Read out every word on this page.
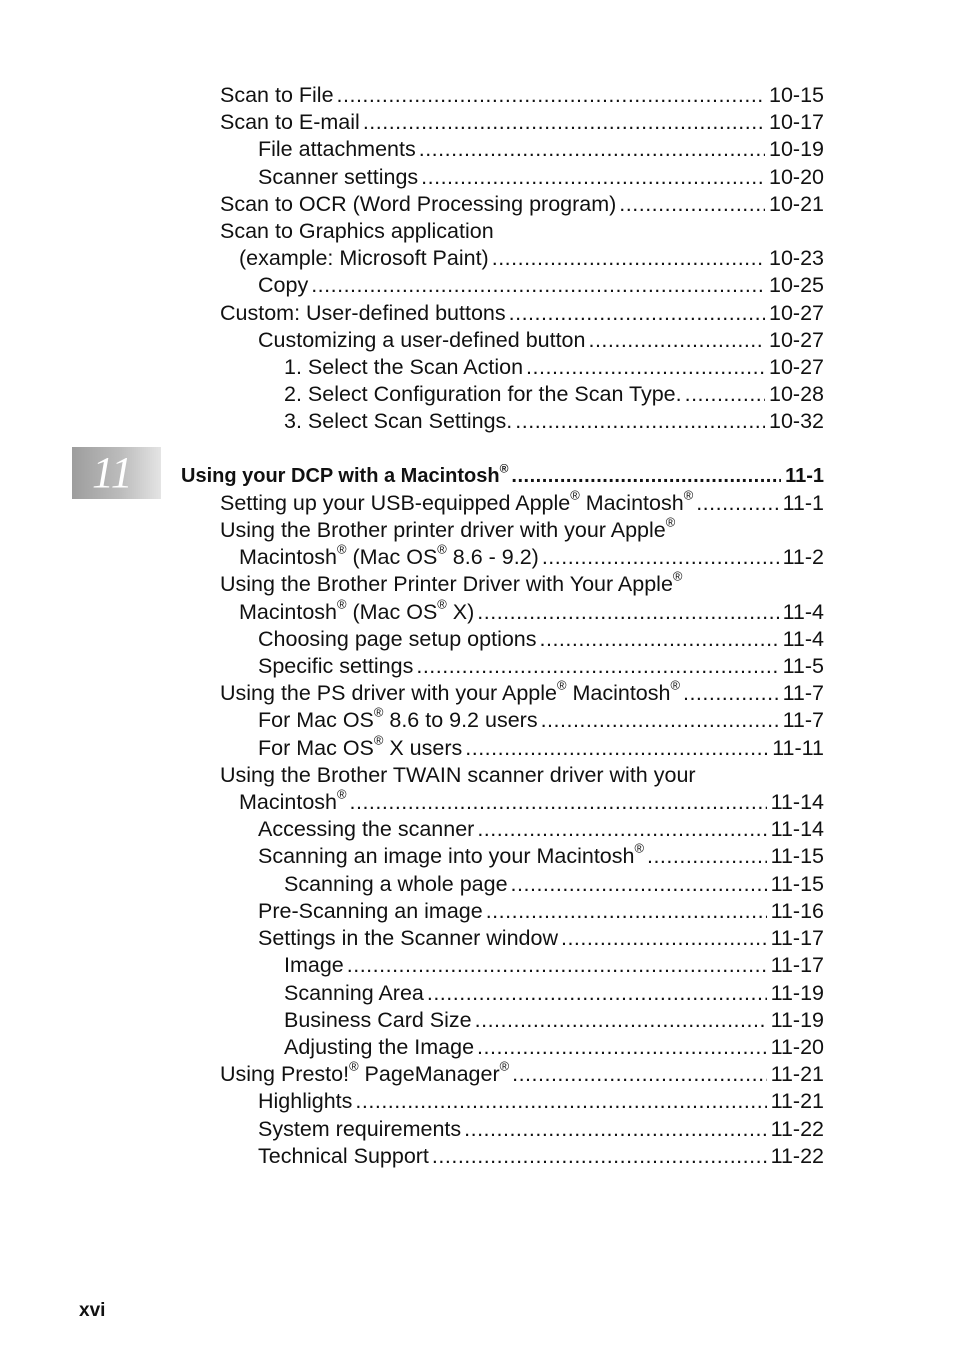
11
Scan to File .....	10-15
Scan to E-mail .....	10-17
File attachments .....	10-19
Scanner settings .....	10-20
Scan to OCR (Word Processing program) .....	10-21
Scan to Graphics application
(example: Microsoft Paint) .....	10-23
Copy .....	10-25
Custom: User-defined buttons .....	10-27
Customizing a user-defined button .....	10-27
1. Select the Scan Action .....	10-27
2. Select Configuration for the Scan Type. .....	10-28
3. Select Scan Settings. .....	10-32
Using your DCP with a Macintosh® .....	11-1
Setting up your USB-equipped Apple® Macintosh® .....	11-1
Using the Brother printer driver with your Apple®
Macintosh® (Mac OS® 8.6 - 9.2) .....	11-2
Using the Brother Printer Driver with Your Apple®
Macintosh® (Mac OS® X) .....	11-4
Choosing page setup options .....	11-4
Specific settings .....	11-5
Using the PS driver with your Apple® Macintosh® .....	11-7
For Mac OS® 8.6 to 9.2 users .....	11-7
For Mac OS® X users .....	11-11
Using the Brother TWAIN scanner driver with your
Macintosh® .....	11-14
Accessing the scanner .....	11-14
Scanning an image into your Macintosh® .....	11-15
Scanning a whole page .....	11-15
Pre-Scanning an image .....	11-16
Settings in the Scanner window .....	11-17
Image .....	11-17
Scanning Area .....	11-19
Business Card Size .....	11-19
Adjusting the Image .....	11-20
Using Presto!® PageManager® .....	11-21
Highlights .....	11-21
System requirements .....	11-22
Technical Support .....	11-22
xvi
